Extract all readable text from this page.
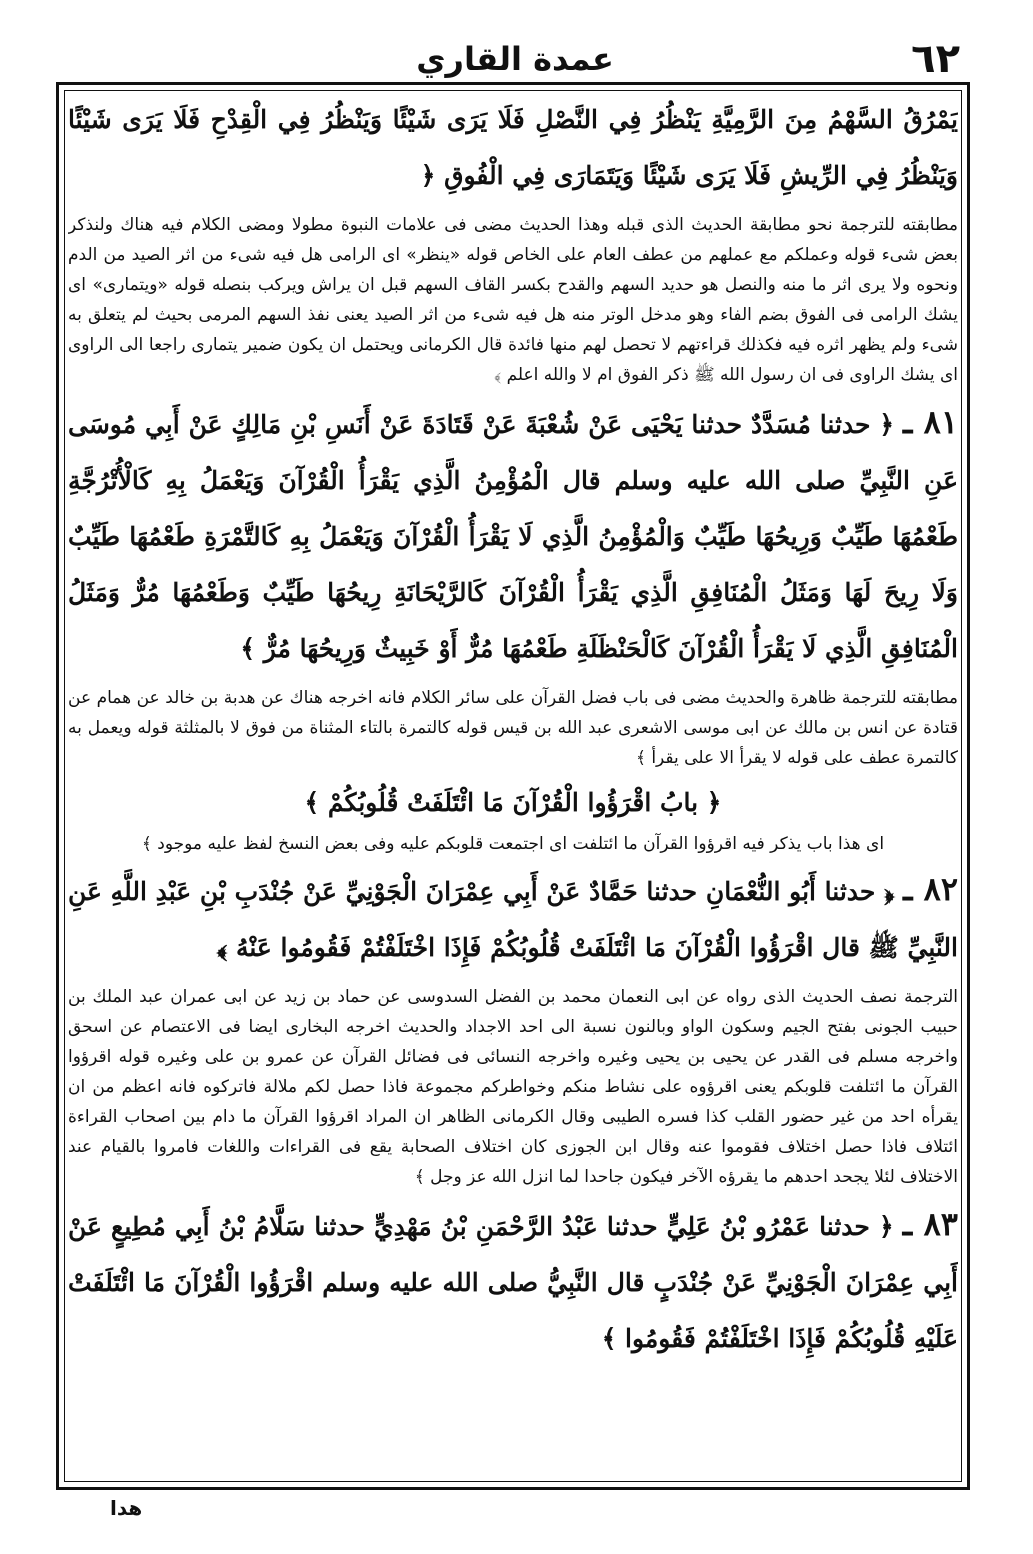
٦٢
عمدة القاري

يَمْرُقُ السَّهْمُ مِنَ الرَّمِيَّةِ يَنْظُرُ فِي النَّصْلِ فَلَا يَرَى شَيْئًا وَيَنْظُرُ فِي الْقِدْحِ فَلَا يَرَى شَيْئًا وَيَنْظُرُ فِي الرِّيشِ فَلَا يَرَى شَيْئًا وَيَتَمَارَى فِي الْفُوقِ ﴿

مطابقته للترجمة نحو مطابقة الحديث الذى قبله وهذا الحديث مضى فى علامات النبوة مطولا ومضى الكلام فيه هناك ولنذكر بعض شىء قوله وعملكم مع عملهم من عطف العام على الخاص قوله «ينظر» اى الرامى هل فيه شىء من اثر الصيد من الدم ونحوه ولا يرى اثر ما منه والنصل هو حديد السهم والقدح بكسر القاف السهم قبل ان يراش ويركب بنصله قوله «ويتمارى» اى يشك الرامى فى الفوق بضم الفاء وهو مدخل الوتر منه هل فيه شىء من اثر الصيد يعنى نفذ السهم المرمى بحيث لم يتعلق به شىء ولم يظهر اثره فيه فكذلك قراءتهم لا تحصل لهم منها فائدة قال الكرمانى ويحتمل ان يكون ضمير يتمارى راجعا الى الراوى اى يشك الراوى فى ان رسول الله ﷺ ذكر الفوق ام لا والله اعلم ﴾

٨١ ـ ﴿ حدثنا مُسَدَّدٌ حدثنا يَحْيَى عَنْ شُعْبَةَ عَنْ قَتَادَةَ عَنْ أَنَسِ بْنِ مَالِكٍ عَنْ أَبِي مُوسَى عَنِ النَّبِيِّ صلى الله عليه وسلم قال الْمُؤْمِنُ الَّذِي يَقْرَأُ الْقُرْآنَ وَيَعْمَلُ بِهِ كَالْأُتْرُجَّةِ طَعْمُهَا طَيِّبٌ وَرِيحُهَا طَيِّبٌ وَالْمُؤْمِنُ الَّذِي لَا يَقْرَأُ الْقُرْآنَ وَيَعْمَلُ بِهِ كَالتَّمْرَةِ طَعْمُهَا طَيِّبٌ وَلَا رِيحَ لَهَا وَمَثَلُ الْمُنَافِقِ الَّذِي يَقْرَأُ الْقُرْآنَ كَالرَّيْحَانَةِ رِيحُهَا طَيِّبٌ وَطَعْمُهَا مُرٌّ وَمَثَلُ الْمُنَافِقِ الَّذِي لَا يَقْرَأُ الْقُرْآنَ كَالْحَنْظَلَةِ طَعْمُهَا مُرٌّ أَوْ خَبِيثٌ وَرِيحُهَا مُرٌّ ﴾

مطابقته للترجمة ظاهرة والحديث مضى فى باب فضل القرآن على سائر الكلام فانه اخرجه هناك عن هدبة بن خالد عن همام عن قتادة عن انس بن مالك عن ابى موسى الاشعرى عبد الله بن قيس قوله كالتمرة بالتاء المثناة من فوق لا بالمثلثة قوله ويعمل به كالتمرة عطف على قوله لا يقرأ الا على يقرأ ﴾

﴿ بابُ اقْرَؤُوا الْقُرْآنَ مَا ائْتَلَفَتْ قُلُوبُكُمْ ﴾

اى هذا باب يذكر فيه اقرؤوا القرآن ما ائتلفت اى اجتمعت قلوبكم عليه وفى بعض النسخ لفظ عليه موجود ﴾

٨٢ ـ ﴿ حدثنا أَبُو النُّعْمَانِ حدثنا حَمَّادٌ عَنْ أَبِي عِمْرَانَ الْجَوْنِيِّ عَنْ جُنْدَبِ بْنِ عَبْدِ اللَّهِ عَنِ النَّبِيِّ ﷺ قال اقْرَؤُوا الْقُرْآنَ مَا ائْتَلَفَتْ قُلُوبُكُمْ فَإِذَا اخْتَلَفْتُمْ فَقُومُوا عَنْهُ ﴾

الترجمة نصف الحديث الذى رواه عن ابى النعمان محمد بن الفضل السدوسى عن حماد بن زيد عن ابى عمران عبد الملك بن حبيب الجونى بفتح الجيم وسكون الواو وبالنون نسبة الى احد الاجداد والحديث اخرجه البخارى ايضا فى الاعتصام عن اسحق واخرجه مسلم فى القدر عن يحيى بن يحيى وغيره واخرجه النسائى فى فضائل القرآن عن عمرو بن على وغيره قوله اقرؤوا القرآن ما ائتلفت قلوبكم يعنى اقرؤوه على نشاط منكم وخواطركم مجموعة فاذا حصل لكم ملالة فاتركوه فانه اعظم من ان يقرأه احد من غير حضور القلب كذا فسره الطيبى وقال الكرمانى الظاهر ان المراد اقرؤوا القرآن ما دام بين اصحاب القراءة ائتلاف فاذا حصل اختلاف فقوموا عنه وقال ابن الجوزى كان اختلاف الصحابة يقع فى القراءات واللغات فامروا بالقيام عند الاختلاف لئلا يجحد احدهم ما يقرؤه الآخر فيكون جاحدا لما انزل الله عز وجل ﴾

٨٣ ـ ﴿ حدثنا عَمْرُو بْنُ عَلِيٍّ حدثنا عَبْدُ الرَّحْمَنِ بْنُ مَهْدِيٍّ حدثنا سَلَّامُ بْنُ أَبِي مُطِيعٍ عَنْ أَبِي عِمْرَانَ الْجَوْنِيِّ عَنْ جُنْدَبٍ قال النَّبِيُّ صلى الله عليه وسلم اقْرَؤُوا الْقُرْآنَ مَا ائْتَلَفَتْ عَلَيْهِ قُلُوبُكُمْ فَإِذَا اخْتَلَفْتُمْ فَقُومُوا ﴾

ھدا
